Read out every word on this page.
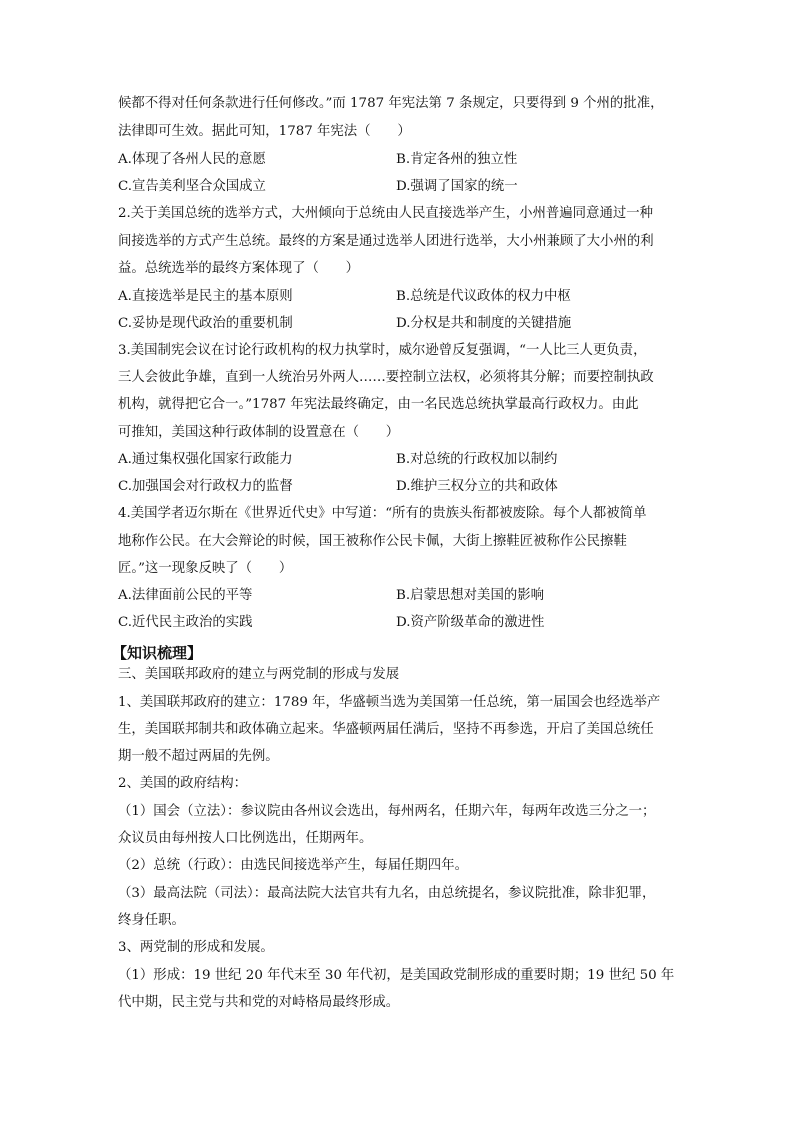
候都不得对任何条款进行任何修改。”而 1787 年宪法第 7 条规定，只要得到 9 个州的批准，
法律即可生效。据此可知，1787 年宪法（　　）
A.体现了各州人民的意愿	B.肯定各州的独立性
C.宣告美利坚合众国成立	D.强调了国家的统一
2.关于美国总统的选举方式，大州倾向于总统由人民直接选举产生，小州普遍同意通过一种
间接选举的方式产生总统。最终的方案是通过选举人团进行选举，大小州兼顾了大小州的利
益。总统选举的最终方案体现了（　　）
A.直接选举是民主的基本原则	B.总统是代议政体的权力中枢
C.妥协是现代政治的重要机制	D.分权是共和制度的关键措施
3.美国制宪会议在讨论行政机构的权力执掌时，威尔逊曾反复强调，“一人比三人更负责，
三人会彼此争雄，直到一人统治另外两人……要控制立法权，必须将其分解；而要控制执政
机构，就得把它合一。”1787 年宪法最终确定，由一名民选总统执掌最高行政权力。由此
可推知，美国这种行政体制的设置意在（　　）
A.通过集权强化国家行政能力	B.对总统的行政权加以制约
C.加强国会对行政权力的监督	D.维护三权分立的共和政体
4.美国学者迈尔斯在《世界近代史》中写道：“所有的贵族头衔都被废除。每个人都被简单
地称作公民。在大会辩论的时候，国王被称作公民卡佩，大街上擦鞋匠被称作公民擦鞋
匠。”这一现象反映了（　　）
A.法律面前公民的平等	B.启蒙思想对美国的影响
C.近代民主政治的实践	D.资产阶级革命的激进性
【知识梳理】
三、美国联邦政府的建立与两党制的形成与发展
1、美国联邦政府的建立：1789 年，华盛顿当选为美国第一任总统，第一届国会也经选举产
生，美国联邦制共和政体确立起来。华盛顿两届任满后，坚持不再参选，开启了美国总统任
期一般不超过两届的先例。
2、美国的政府结构：
（1）国会（立法）：参议院由各州议会选出，每州两名，任期六年，每两年改选三分之一；
众议员由每州按人口比例选出，任期两年。
（2）总统（行政）：由选民间接选举产生，每届任期四年。
（3）最高法院（司法）：最高法院大法官共有九名，由总统提名，参议院批准，除非犯罪，
终身任职。
3、两党制的形成和发展。
（1）形成：19 世纪 20 年代末至 30 年代初，是美国政党制形成的重要时期；19 世纪 50 年
代中期，民主党与共和党的对峙格局最终形成。
